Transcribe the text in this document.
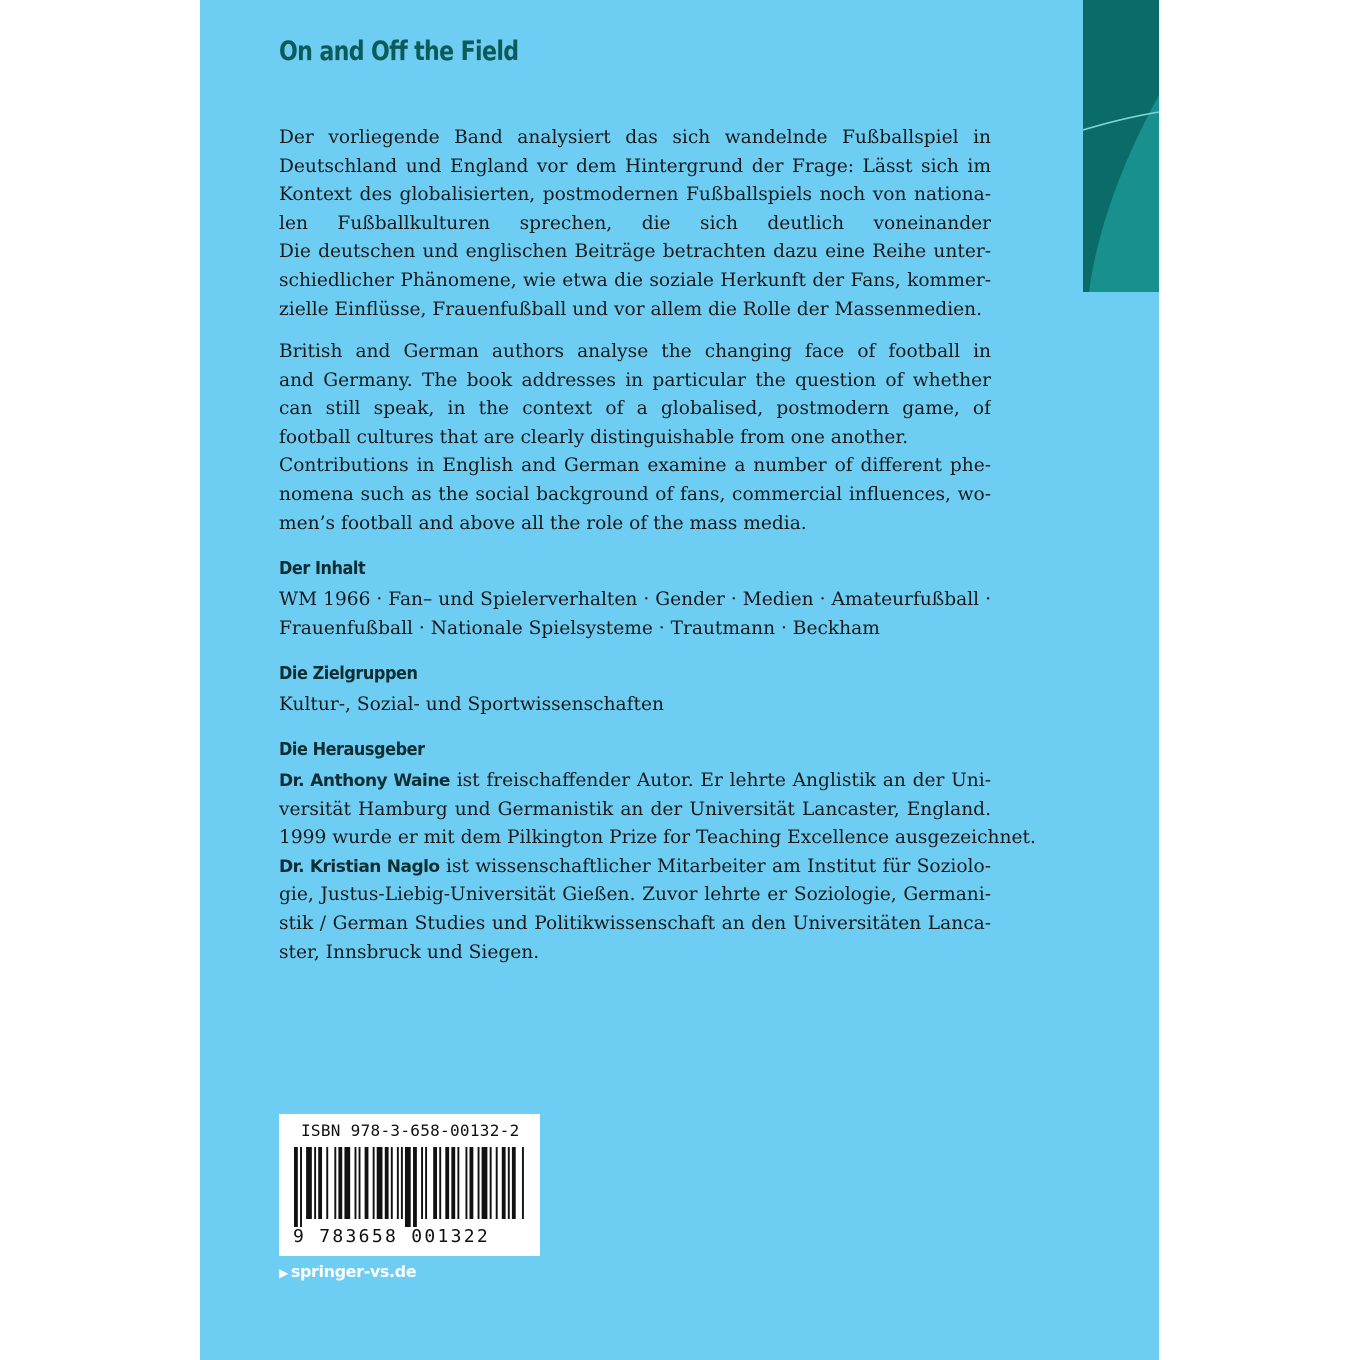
On and Off the Field
Der vorliegende Band analysiert das sich wandelnde Fußballspiel in
Deutschland und England vor dem Hintergrund der Frage: Lässt sich im
Kontext des globalisierten, postmodernen Fußballspiels noch von nationa-
len Fußballkulturen sprechen, die sich deutlich voneinander
Die deutschen und englischen Beiträge betrachten dazu eine Reihe unter-
schiedlicher Phänomene, wie etwa die soziale Herkunft der Fans, kommer-
zielle Einflüsse, Frauenfußball und vor allem die Rolle der Massenmedien.
British and German authors analyse the changing face of football in
and Germany. The book addresses in particular the question of whether
can still speak, in the context of a globalised, postmodern game, of
football cultures that are clearly distinguishable from one another.
Contributions in English and German examine a number of different phe-
nomena such as the social background of fans, commercial influences, wo-
men’s football and above all the role of the mass media.
Der Inhalt
WM 1966 · Fan– und Spielerverhalten · Gender · Medien · Amateurfußball ·
Frauenfußball · Nationale Spielsysteme · Trautmann · Beckham
Die Zielgruppen
Kultur-, Sozial- und Sportwissenschaften
Die Herausgeber
Dr. Anthony Waine ist freischaffender Autor. Er lehrte Anglistik an der Uni-
versität Hamburg und Germanistik an der Universität Lancaster, England.
1999 wurde er mit dem Pilkington Prize for Teaching Excellence ausgezeichnet.
Dr. Kristian Naglo ist wissenschaftlicher Mitarbeiter am Institut für Soziolo-
gie, Justus-Liebig-Universität Gießen. Zuvor lehrte er Soziologie, Germani-
stik / German Studies und Politikwissenschaft an den Universitäten Lanca-
ster, Innsbruck und Siegen.
ISBN 978-3-658-00132-2
9 783658 001322
▶ springer-vs.de
